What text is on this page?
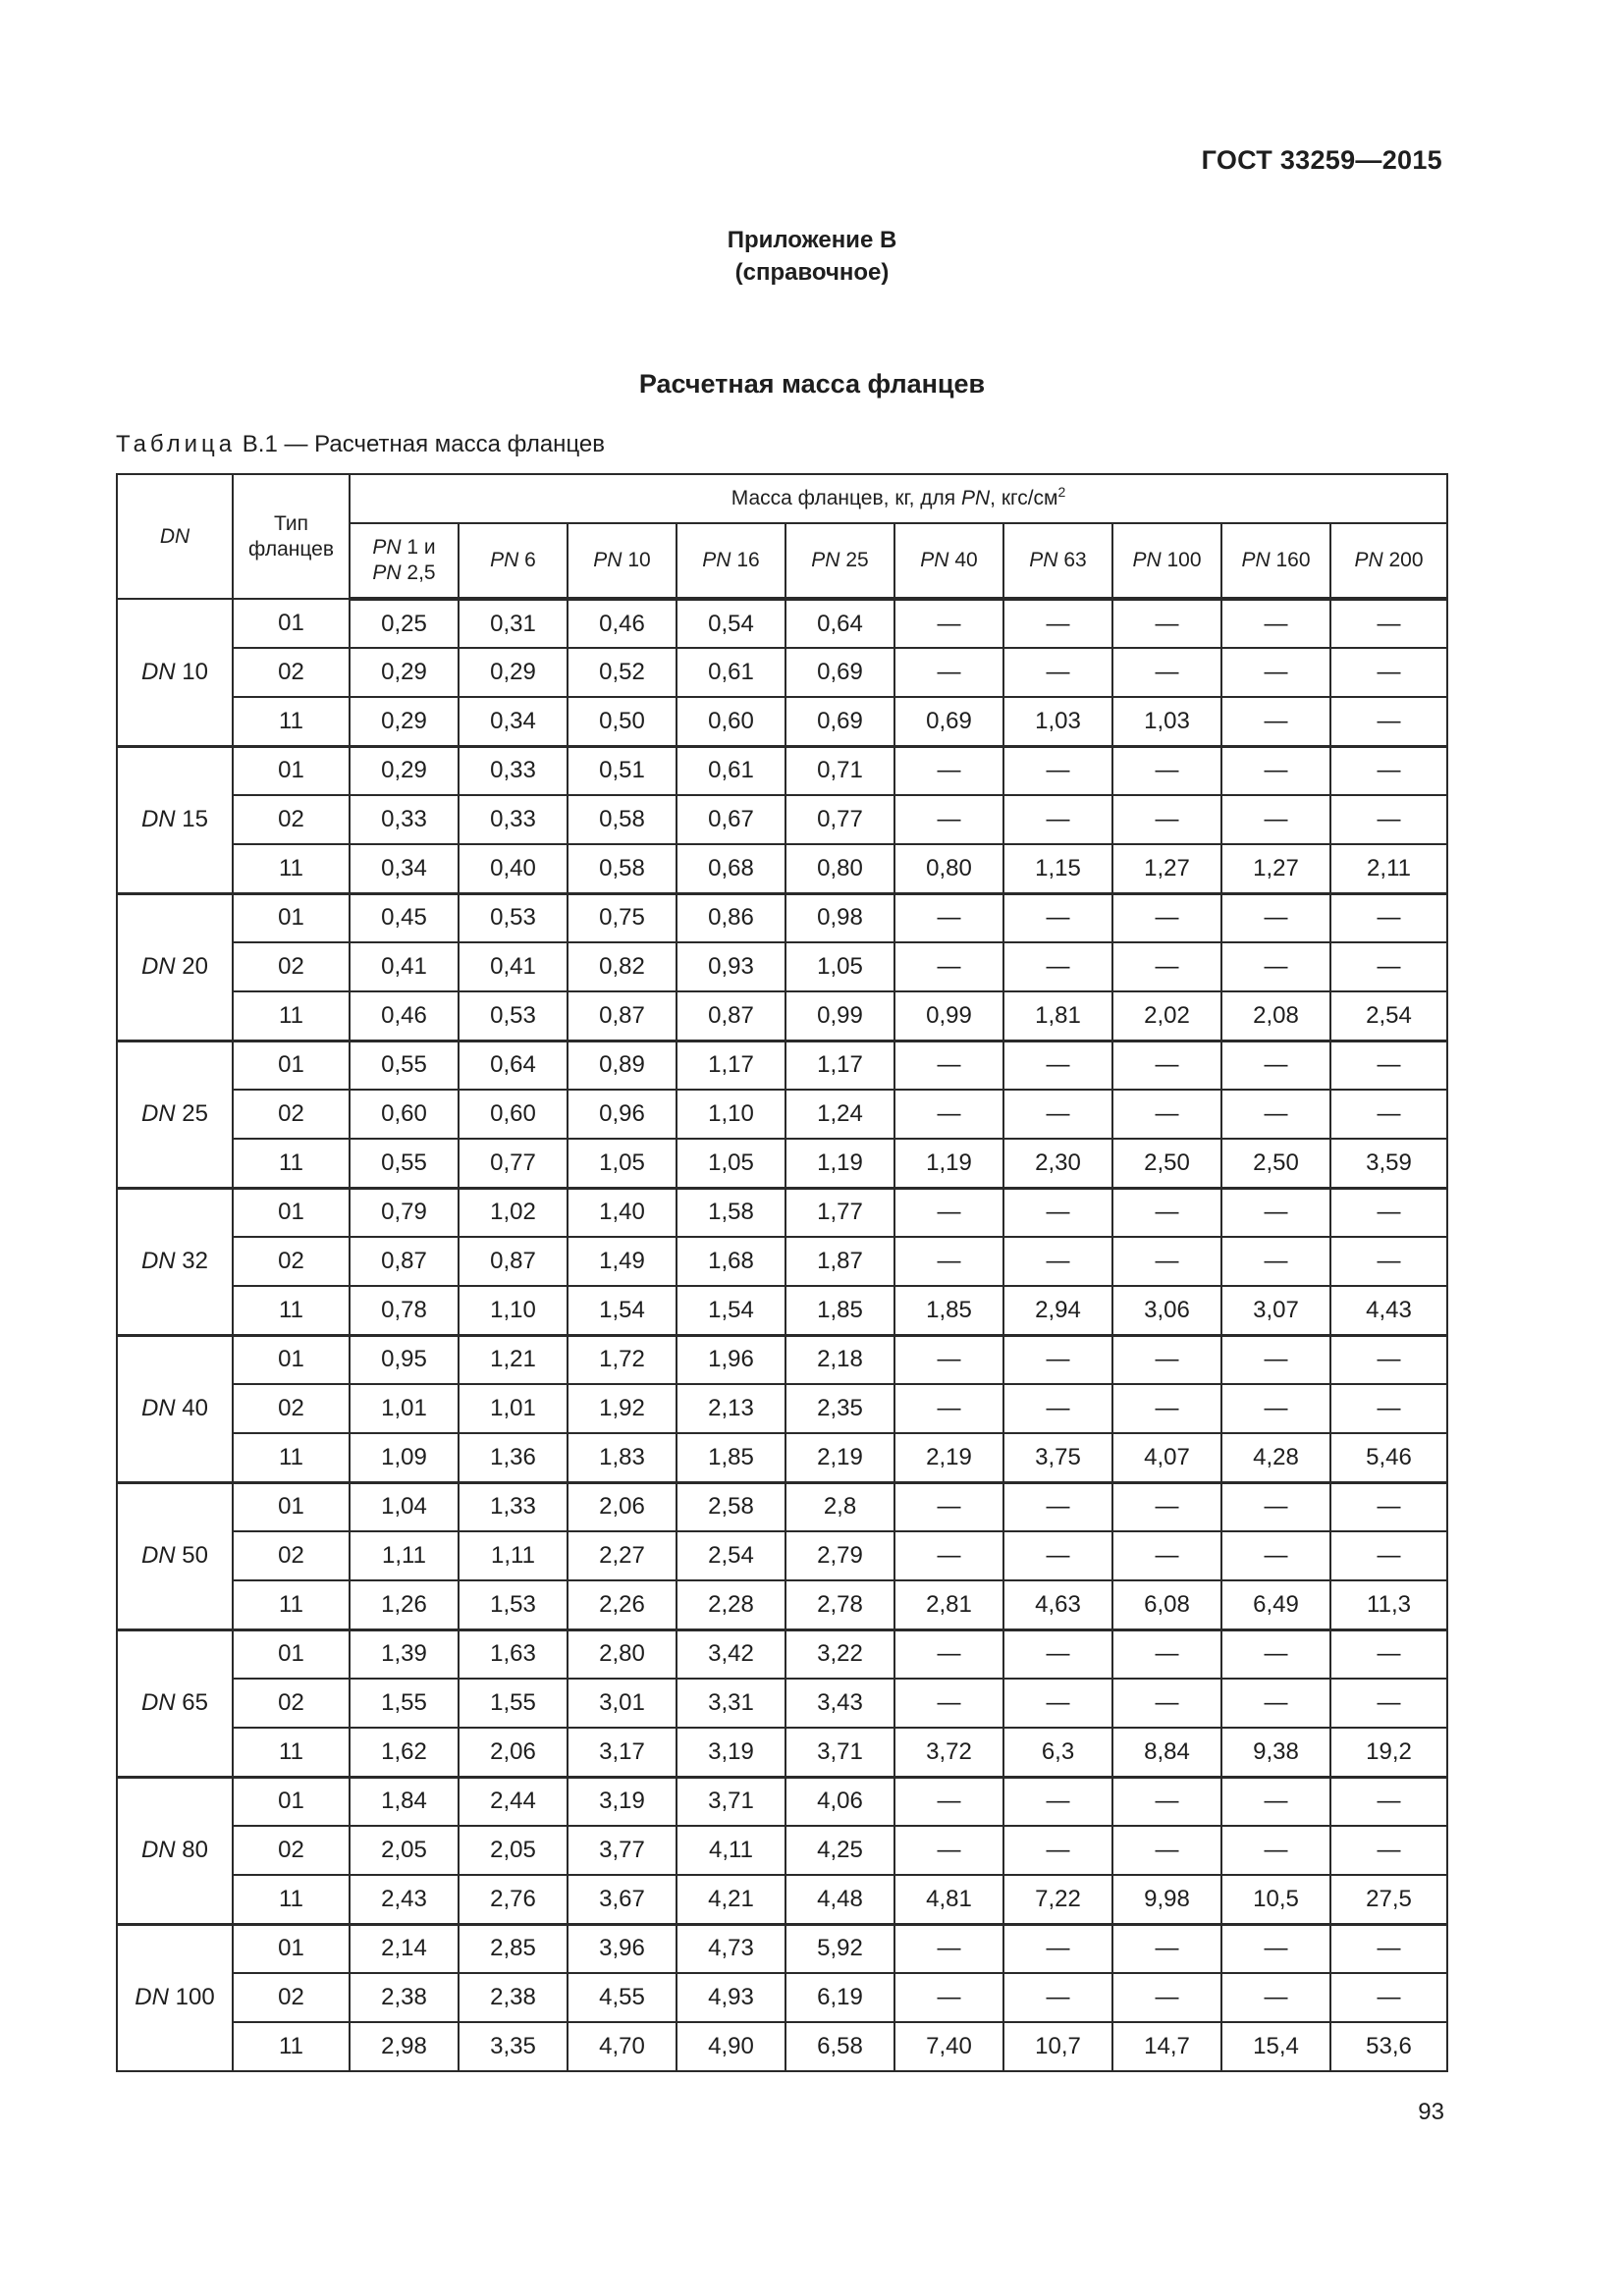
ГОСТ 33259—2015
Приложение В
(справочное)
Расчетная масса фланцев
Таблица В.1 — Расчетная масса фланцев
DN	Тип фланцев	Масса фланцев, кг, для PN, кгс/$см^2$
		PN 1 и
PN 2,5	PN 6	PN 10	PN 16	PN 25	PN 40	PN 63	PN 100	PN 160	PN 200
DN 10	01	0,25	0,31	0,46	0,54	0,64	—	—	—	—	—
	02	0,29	0,29	0,52	0,61	0,69	—	—	—	—	—
	11	0,29	0,34	0,50	0,60	0,69	0,69	1,03	1,03	—	—
DN 15	01	0,29	0,33	0,51	0,61	0,71	—	—	—	—	—
	02	0,33	0,33	0,58	0,67	0,77	—	—	—	—	—
	11	0,34	0,40	0,58	0,68	0,80	0,80	1,15	1,27	1,27	2,11
DN 20	01	0,45	0,53	0,75	0,86	0,98	—	—	—	—	—
	02	0,41	0,41	0,82	0,93	1,05	—	—	—	—	—
	11	0,46	0,53	0,87	0,87	0,99	0,99	1,81	2,02	2,08	2,54
DN 25	01	0,55	0,64	0,89	1,17	1,17	—	—	—	—	—
	02	0,60	0,60	0,96	1,10	1,24	—	—	—	—	—
	11	0,55	0,77	1,05	1,05	1,19	1,19	2,30	2,50	2,50	3,59
DN 32	01	0,79	1,02	1,40	1,58	1,77	—	—	—	—	—
	02	0,87	0,87	1,49	1,68	1,87	—	—	—	—	—
	11	0,78	1,10	1,54	1,54	1,85	1,85	2,94	3,06	3,07	4,43
DN 40	01	0,95	1,21	1,72	1,96	2,18	—	—	—	—	—
	02	1,01	1,01	1,92	2,13	2,35	—	—	—	—	—
	11	1,09	1,36	1,83	1,85	2,19	2,19	3,75	4,07	4,28	5,46
DN 50	01	1,04	1,33	2,06	2,58	2,8	—	—	—	—	—
	02	1,11	1,11	2,27	2,54	2,79	—	—	—	—	—
	11	1,26	1,53	2,26	2,28	2,78	2,81	4,63	6,08	6,49	11,3
DN 65	01	1,39	1,63	2,80	3,42	3,22	—	—	—	—	—
	02	1,55	1,55	3,01	3,31	3,43	—	—	—	—	—
	11	1,62	2,06	3,17	3,19	3,71	3,72	6,3	8,84	9,38	19,2
DN 80	01	1,84	2,44	3,19	3,71	4,06	—	—	—	—	—
	02	2,05	2,05	3,77	4,11	4,25	—	—	—	—	—
	11	2,43	2,76	3,67	4,21	4,48	4,81	7,22	9,98	10,5	27,5
DN 100	01	2,14	2,85	3,96	4,73	5,92	—	—	—	—	—
	02	2,38	2,38	4,55	4,93	6,19	—	—	—	—	—
	11	2,98	3,35	4,70	4,90	6,58	7,40	10,7	14,7	15,4	53,6
93
